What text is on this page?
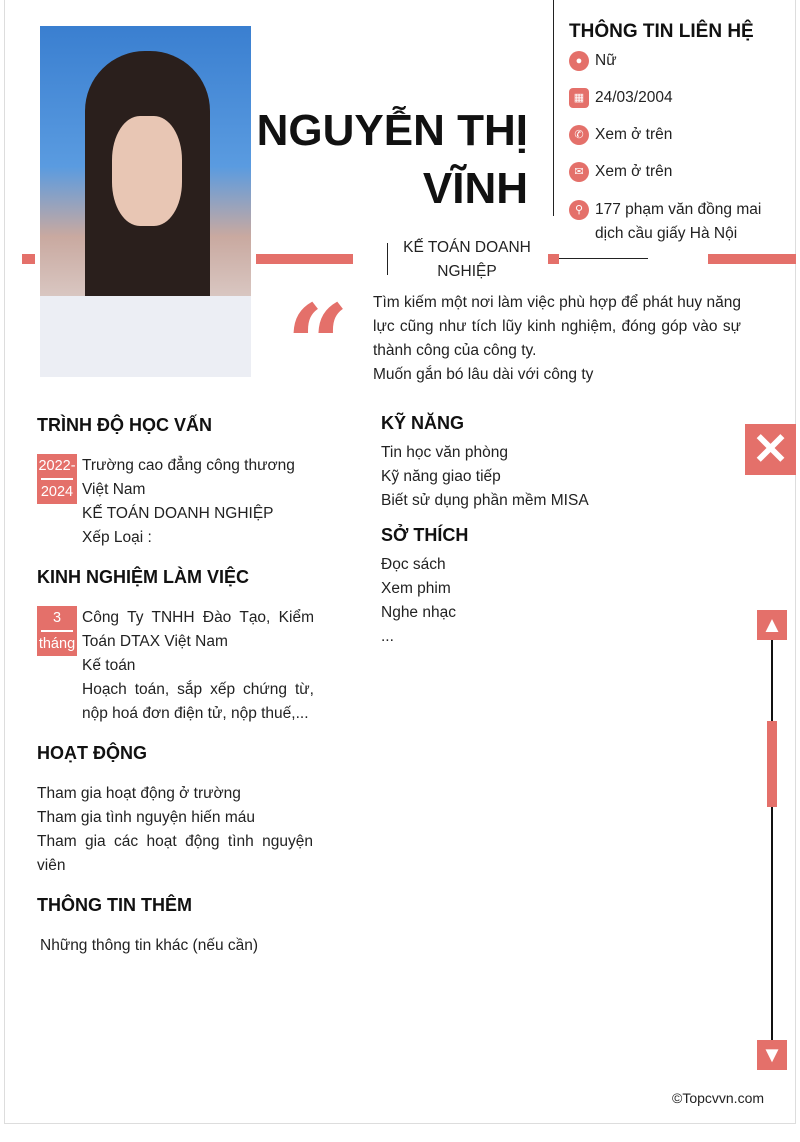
NGUYỄN THỊ
VĨNH
KẾ TOÁN DOANH NGHIỆP
“ Tìm kiếm một nơi làm việc phù hợp để phát huy năng lực cũng như tích lũy kinh nghiệm, đóng góp vào sự thành công của công ty.
Muốn gắn bó lâu dài với công ty
THÔNG TIN LIÊN HỆ
● Nữ
▦ 24/03/2004
✆ Xem ở trên
✉ Xem ở trên
⚲ 177 phạm văn đồng mai dịch cầu giấy Hà Nội
TRÌNH ĐỘ HỌC VẤN
2022-
2024
Trường cao đẳng công thương Việt Nam
KẾ TOÁN DOANH NGHIỆP
Xếp Loại :
KINH NGHIỆM LÀM VIỆC
3
tháng
Công Ty TNHH Đào Tạo, Kiểm Toán DTAX Việt Nam
Kế toán
Hoạch toán, sắp xếp chứng từ, nộp hoá đơn điện tử, nộp thuế,...
HOẠT ĐỘNG
Tham gia hoạt động ở trường
Tham gia tình nguyện hiến máu
Tham gia các hoạt động tình nguyện viên
THÔNG TIN THÊM
Những thông tin khác (nếu cần)
KỸ NĂNG
Tin học văn phòng
Kỹ năng giao tiếp
Biết sử dụng phần mềm MISA
SỞ THÍCH
Đọc sách
Xem phim
Nghe nhạc
...
✕
▲
▼
©Topcvvn.com
